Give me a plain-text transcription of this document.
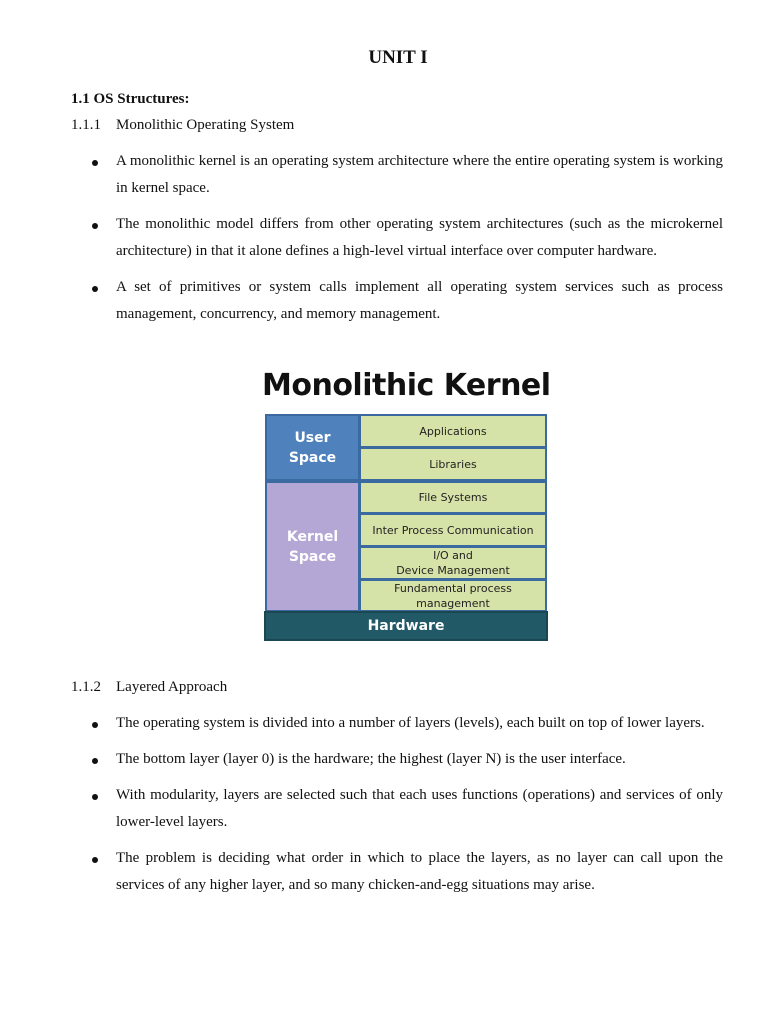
UNIT I
1.1 OS Structures:
1.1.1 Monolithic Operating System
A monolithic kernel is an operating system architecture where the entire operating system is working in kernel space.
The monolithic model differs from other operating system architectures (such as the microkernel architecture) in that it alone defines a high-level virtual interface over computer hardware.
A set of primitives or system calls implement all operating system services such as process management, concurrency, and memory management.
Monolithic Kernel
User
Space
Kernel
Space
Applications
Libraries
File Systems
Inter Process Communication
I/O and
Device Management
Fundamental process
management
Hardware
1.1.2 Layered Approach
The operating system is divided into a number of layers (levels), each built on top of lower layers.
The bottom layer (layer 0) is the hardware; the highest (layer N) is the user interface.
With modularity, layers are selected such that each uses functions (operations) and services of only lower-level layers.
The problem is deciding what order in which to place the layers, as no layer can call upon the services of any higher layer, and so many chicken-and-egg situations may arise.
